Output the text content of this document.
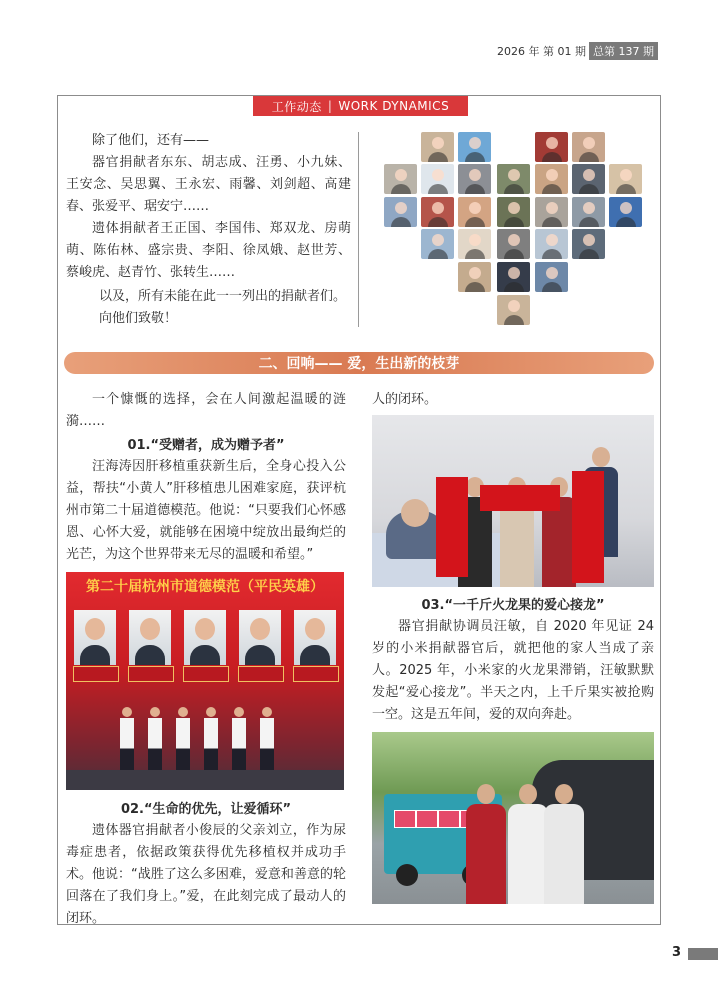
2026 年 第 01 期 总第 137 期
工作动态 | WORK DYNAMICS

除了他们，还有——

器官捐献者东东、胡志成、汪勇、小九妹、王安念、吴思翼、王永宏、雨馨、刘剑超、高建春、张爱平、琚安宁……

遗体捐献者王正国、李国伟、郑双龙、房萌萌、陈佑林、盛宗贵、李阳、徐凤娥、赵世芳、蔡峻虎、赵青竹、张转生……

以及，所有未能在此一一列出的捐献者们。

向他们致敬！

二、回响—— 爱，生出新的枝芽

一个慷慨的选择，会在人间激起温暖的涟漪……

01.“受赠者，成为赠予者”

汪海涛因肝移植重获新生后，全身心投入公益，帮扶“小黄人”肝移植患儿困难家庭，获评杭州市第二十届道德模范。他说：“只要我们心怀感恩、心怀大爱，就能够在困境中绽放出最绚烂的光芒，为这个世界带来无尽的温暖和希望。”

第二十届杭州市道德模范（平民英雄）

02.“生命的优先，让爱循环”

遗体器官捐献者小俊辰的父亲刘立，作为尿毒症患者，依据政策获得优先移植权并成功手术。他说：“战胜了这么多困难，爱意和善意的轮回落在了我们身上。”爱，在此刻完成了最动人的闭环。

人的闭环。

03.“一千斤火龙果的爱心接龙”

器官捐献协调员汪敏，自 2020 年见证 24 岁的小米捐献器官后，就把他的家人当成了亲人。2025 年，小米家的火龙果滞销，汪敏默默发起“爱心接龙”。半天之内，上千斤果实被抢购一空。这是五年间，爱的双向奔赴。

3
